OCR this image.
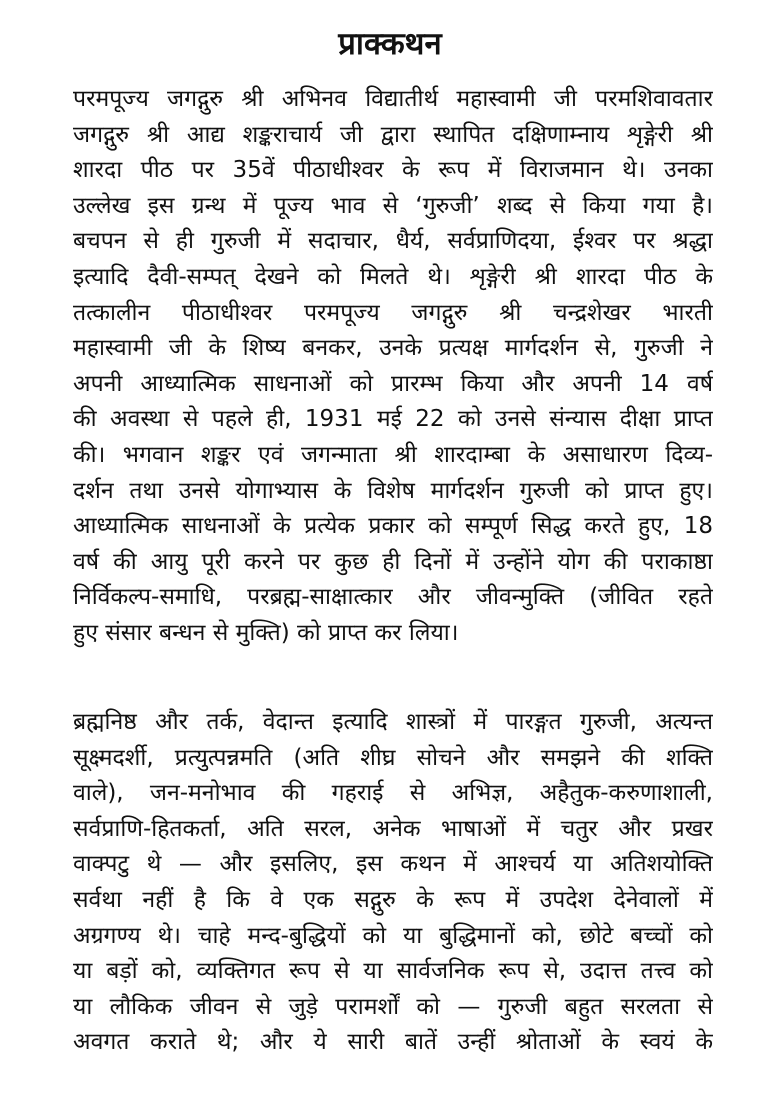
प्राक्कथन
परमपूज्य जगद्गुरु श्री अभिनव विद्यातीर्थ महास्वामी जी परमशिवावतार
जगद्गुरु श्री आद्य शङ्कराचार्य जी द्वारा स्थापित दक्षिणाम्नाय शृङ्गेरी श्री
शारदा पीठ पर 35वें पीठाधीश्वर के रूप में विराजमान थे। उनका
उल्लेख इस ग्रन्थ में पूज्य भाव से ‘गुरुजी’ शब्द से किया गया है।
बचपन से ही गुरुजी में सदाचार, धैर्य, सर्वप्राणिदया, ईश्वर पर श्रद्धा
इत्यादि दैवी-सम्पत् देखने को मिलते थे। शृङ्गेरी श्री शारदा पीठ के
तत्कालीन पीठाधीश्वर परमपूज्य जगद्गुरु श्री चन्द्रशेखर भारती
महास्वामी जी के शिष्य बनकर, उनके प्रत्यक्ष मार्गदर्शन से, गुरुजी ने
अपनी आध्यात्मिक साधनाओं को प्रारम्भ किया और अपनी 14 वर्ष
की अवस्था से पहले ही, 1931 मई 22 को उनसे संन्यास दीक्षा प्राप्त
की। भगवान शङ्कर एवं जगन्माता श्री शारदाम्बा के असाधारण दिव्य-
दर्शन तथा उनसे योगाभ्यास के विशेष मार्गदर्शन गुरुजी को प्राप्त हुए।
आध्यात्मिक साधनाओं के प्रत्येक प्रकार को सम्पूर्ण सिद्ध करते हुए, 18
वर्ष की आयु पूरी करने पर कुछ ही दिनों में उन्होंने योग की पराकाष्ठा
निर्विकल्प-समाधि, परब्रह्म-साक्षात्कार और जीवन्मुक्ति (जीवित रहते
हुए संसार बन्धन से मुक्ति) को प्राप्त कर लिया।
ब्रह्मनिष्ठ और तर्क, वेदान्त इत्यादि शास्त्रों में पारङ्गत गुरुजी, अत्यन्त
सूक्ष्मदर्शी, प्रत्युत्पन्नमति (अति शीघ्र सोचने और समझने की शक्ति
वाले), जन-मनोभाव की गहराई से अभिज्ञ, अहैतुक-करुणाशाली,
सर्वप्राणि-हितकर्ता, अति सरल, अनेक भाषाओं में चतुर और प्रखर
वाक्पटु थे — और इसलिए, इस कथन में आश्चर्य या अतिशयोक्ति
सर्वथा नहीं है कि वे एक सद्गुरु के रूप में उपदेश देनेवालों में
अग्रगण्य थे। चाहे मन्द-बुद्धियों को या बुद्धिमानों को, छोटे बच्चों को
या बड़ों को, व्यक्तिगत रूप से या सार्वजनिक रूप से, उदात्त तत्त्व को
या लौकिक जीवन से जुड़े परामर्शों को — गुरुजी बहुत सरलता से
अवगत कराते थे; और ये सारी बातें उन्हीं श्रोताओं के स्वयं के
